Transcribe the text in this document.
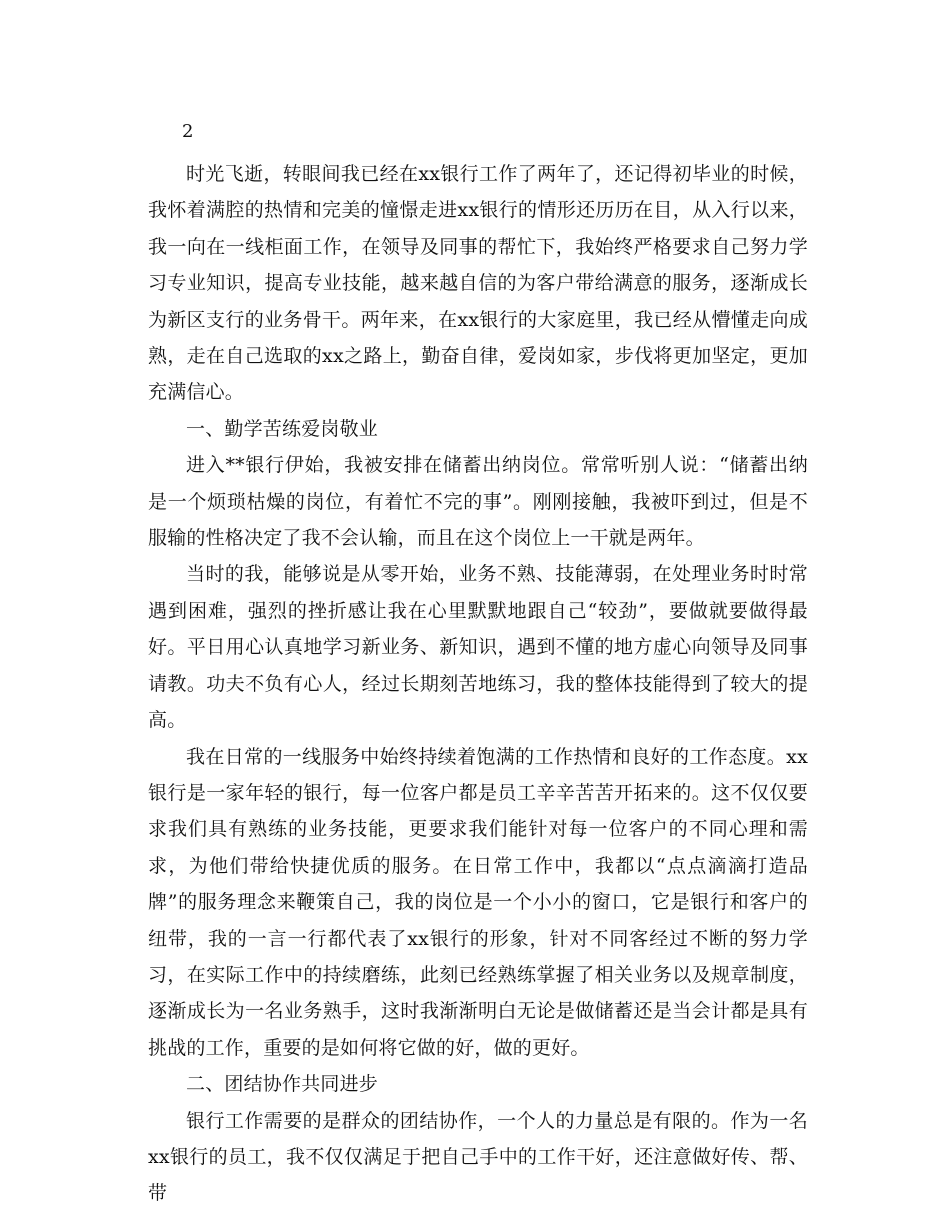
2

时光飞逝，转眼间我已经在xx银行工作了两年了，还记得初毕业的时候，我怀着满腔的热情和完美的憧憬走进xx银行的情形还历历在目，从入行以来，我一向在一线柜面工作，在领导及同事的帮忙下，我始终严格要求自己努力学习专业知识，提高专业技能，越来越自信的为客户带给满意的服务，逐渐成长为新区支行的业务骨干。两年来，在xx银行的大家庭里，我已经从懵懂走向成熟，走在自己选取的xx之路上，勤奋自律，爱岗如家，步伐将更加坚定，更加充满信心。

一、勤学苦练爱岗敬业

进入**银行伊始，我被安排在储蓄出纳岗位。常常听别人说：“储蓄出纳是一个烦琐枯燥的岗位，有着忙不完的事”。刚刚接触，我被吓到过，但是不服输的性格决定了我不会认输，而且在这个岗位上一干就是两年。

当时的我，能够说是从零开始，业务不熟、技能薄弱，在处理业务时时常遇到困难，强烈的挫折感让我在心里默默地跟自己“较劲”，要做就要做得最好。平日用心认真地学习新业务、新知识，遇到不懂的地方虚心向领导及同事请教。功夫不负有心人，经过长期刻苦地练习，我的整体技能得到了较大的提高。

我在日常的一线服务中始终持续着饱满的工作热情和良好的工作态度。xx银行是一家年轻的银行，每一位客户都是员工辛辛苦苦开拓来的。这不仅仅要求我们具有熟练的业务技能，更要求我们能针对每一位客户的不同心理和需求，为他们带给快捷优质的服务。在日常工作中，我都以“点点滴滴打造品牌”的服务理念来鞭策自己，我的岗位是一个小小的窗口，它是银行和客户的纽带，我的一言一行都代表了xx银行的形象，针对不同客经过不断的努力学习，在实际工作中的持续磨练，此刻已经熟练掌握了相关业务以及规章制度，逐渐成长为一名业务熟手，这时我渐渐明白无论是做储蓄还是当会计都是具有挑战的工作，重要的是如何将它做的好，做的更好。

二、团结协作共同进步

银行工作需要的是群众的团结协作，一个人的力量总是有限的。作为一名xx银行的员工，我不仅仅满足于把自己手中的工作干好，还注意做好传、帮、带
